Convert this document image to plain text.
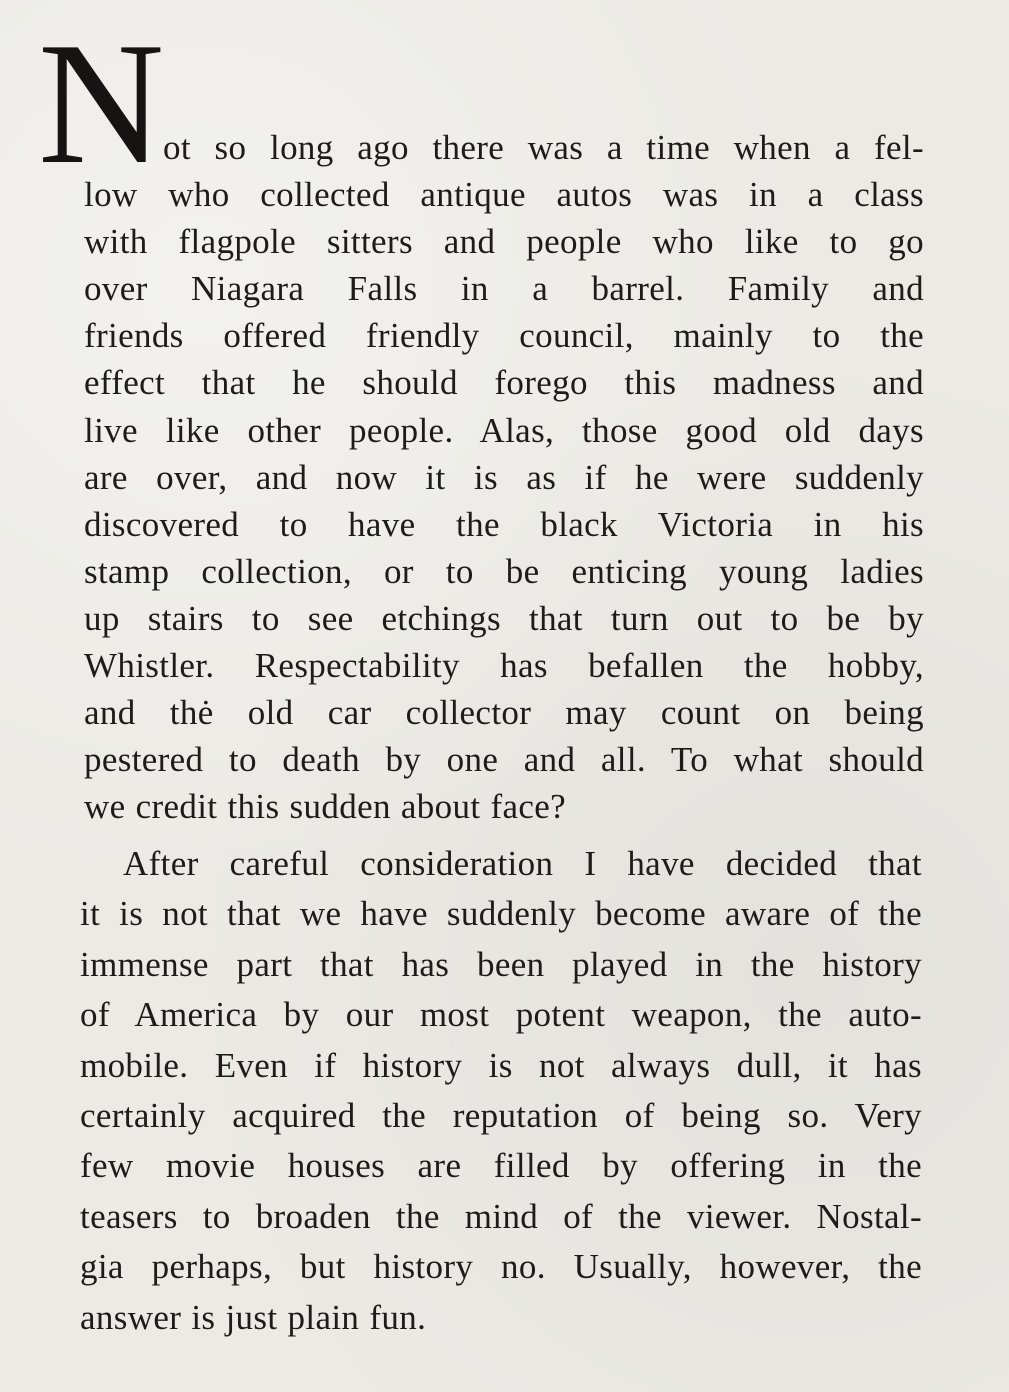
N ot so long ago there was a time when a fel-
low who collected antique autos was in a class
with flagpole sitters and people who like to go
over Niagara Falls in a barrel. Family and
friends offered friendly council, mainly to the
effect that he should forego this madness and
live like other people. Alas, those good old days
are over, and now it is as if he were suddenly
discovered to have the black Victoria in his
stamp collection, or to be enticing young ladies
up stairs to see etchings that turn out to be by
Whistler. Respectability has befallen the hobby,
and thė old car collector may count on being
pestered to death by one and all. To what should
we credit this sudden about face?

After careful consideration I have decided that
it is not that we have suddenly become aware of the
immense part that has been played in the history
of America by our most potent weapon, the auto-
mobile. Even if history is not always dull, it has
certainly acquired the reputation of being so. Very
few movie houses are filled by offering in the
teasers to broaden the mind of the viewer. Nostal-
gia perhaps, but history no. Usually, however, the
answer is just plain fun.
